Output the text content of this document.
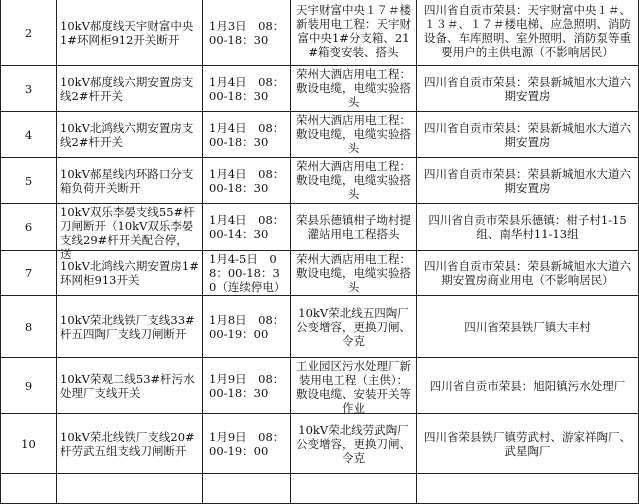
2	10kV郝度线天宇财富中央1#环网柜912开关断开	1月3日　08：00-18：30	天宇财富中央１７＃楼新装用电工程：天宇财富中央1#分支箱、21#箱变安装、搭头	四川省自贡市荣县：天宇财富中央１＃、１３＃、１７＃楼电梯、应急照明、消防设备、车库照明、室外照明、消防泵等重要用户的主供电源（不影响居民）

3	10kV郝度线六期安置房支线2#杆开关	1月4日　08：00-18：30	荣州大酒店用电工程：敷设电缆，电缆实验搭头	四川省自贡市荣县：荣县新城旭水大道六期安置房
4	10kV北鸿线六期安置房支线2#杆开关	1月4日　08：00-18：30	荣州大酒店用电工程：敷设电缆，电缆实验搭头	四川省自贡市荣县：荣县新城旭水大道六期安置房
5	10kV郝星线内环路口分支箱负荷开关断开	1月4日　08：00-18：30	荣州大酒店用电工程：敷设电缆，电缆实验搭头	四川省自贡市荣县：荣县新城旭水大道六期安置房
6	10kV双乐李晏支线55#杆刀闸断开（10kV双乐李晏支线29#杆开关配合停，送	1月4日　08：00-14：30	荣县乐德镇柑子坳村提灌站用电工程搭头	四川省自贡市荣县乐德镇：柑子村1-15组、南华村11-13组
7	10kV北鸿线六期安置房1#环网柜913开关	1月4-5日　08：00-18：30（连续停电）	荣州大酒店用电工程：敷设电缆，电缆实验搭头	四川省自贡市荣县：荣县新城旭水大道六期安置房商业用电（不影响居民）
8	10kV荣北线铁厂支线33#杆五四陶厂支线刀闸断开	1月8日　08：00-19：00	10kV荣北线五四陶厂公变增容，更换刀闸、令克	四川省荣县铁厂镇大丰村
9	10kV荣观二线53#杆污水处理厂支线开关	1月9日　08：00-18：30	工业园区污水处理厂新装用电工程（主供）：敷设电缆、安装开关等作业	四川省自贡市荣县：旭阳镇污水处理厂
10	10kV荣北线铁厂支线20#杆劳武五组支线刀闸断开	1月9日　08：00-19：00	10kV荣北线劳武陶厂公变增容，更换刀闸、令克	四川省荣县铁厂镇劳武村、游家祥陶厂、武星陶厂
